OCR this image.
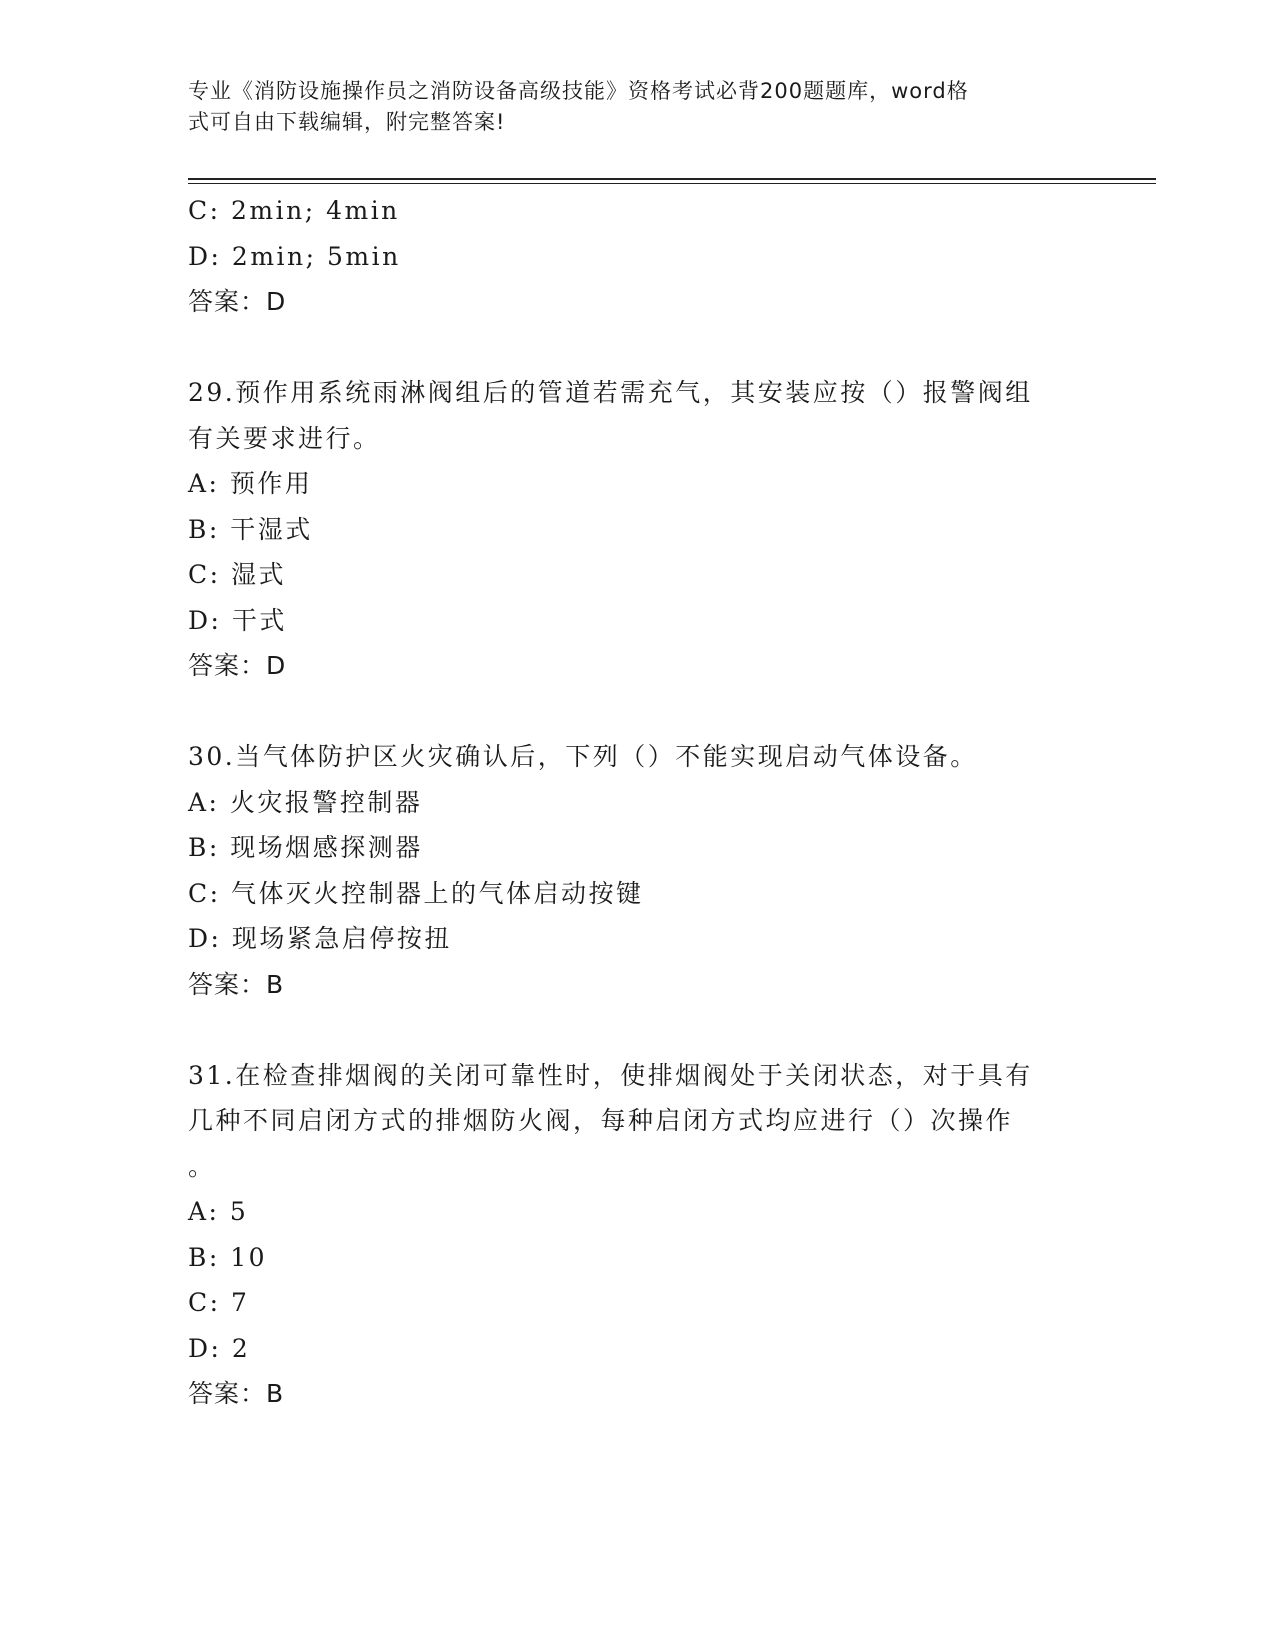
专业《消防设施操作员之消防设备高级技能》资格考试必背200题题库，word格
式可自由下载编辑，附完整答案!
C: 2min; 4min
D: 2min; 5min
答案：D
29.预作用系统雨淋阀组后的管道若需充气，其安装应按（）报警阀组
有关要求进行。
A: 预作用
B: 干湿式
C: 湿式
D: 干式
答案：D
30.当气体防护区火灾确认后，下列（）不能实现启动气体设备。
A: 火灾报警控制器
B: 现场烟感探测器
C: 气体灭火控制器上的气体启动按键
D: 现场紧急启停按扭
答案：B
31.在检查排烟阀的关闭可靠性时，使排烟阀处于关闭状态，对于具有
几种不同启闭方式的排烟防火阀，每种启闭方式均应进行（）次操作
。
A: 5
B: 10
C: 7
D: 2
答案：B
